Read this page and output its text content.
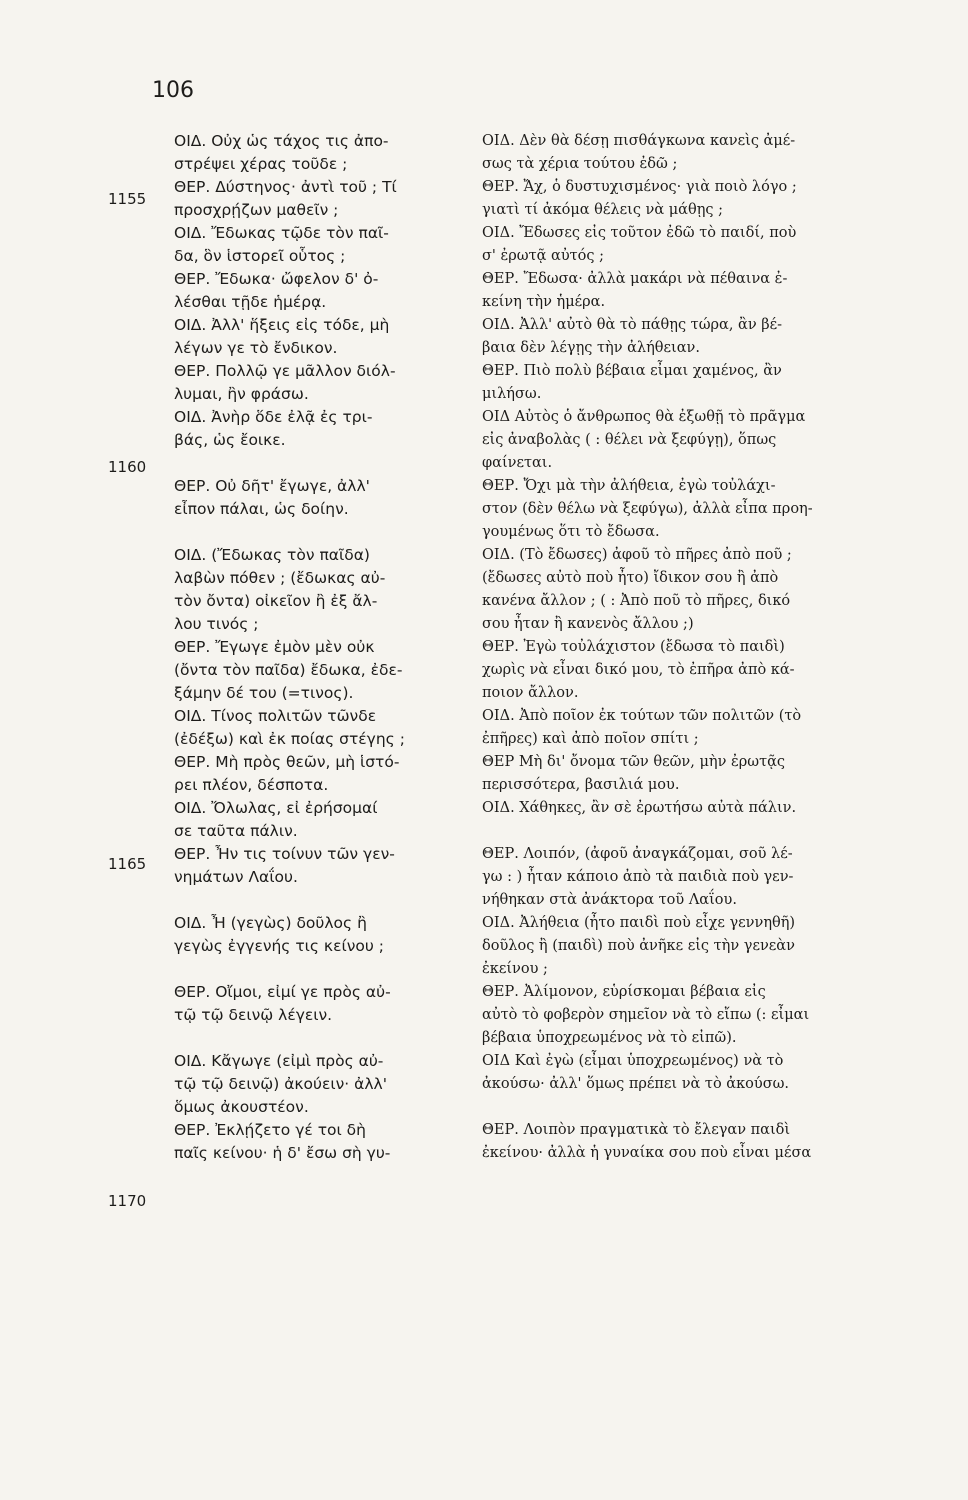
106
1155
1160
1165
1170
ΟΙΔ. Οὐχ ὡς τάχος τις ἀπο-
στρέψει χέρας τοῦδε ;
ΘΕΡ. Δύστηνος· ἀντὶ τοῦ ; Τί
προσχρῄζων μαθεῖν ;
ΟΙΔ. Ἔδωκας τῷδε τὸν παῖ-
δα, ὃν ἱστορεῖ οὗτος ;
ΘΕΡ. Ἔδωκα· ὤφελον δ' ὀ-
λέσθαι τῇδε ἡμέρᾳ.
ΟΙΔ. Ἀλλ' ἥξεις εἰς τόδε, μὴ
λέγων γε τὸ ἔνδικον.
ΘΕΡ. Πολλῷ γε μᾶλλον διόλ-
λυμαι, ἢν φράσω.
ΟΙΔ. Ἀνὴρ ὅδε ἐλᾷ ἐς τρι-
βάς, ὡς ἔοικε.
ΘΕΡ. Οὐ δῆτ' ἔγωγε, ἀλλ'
εἶπον πάλαι, ὡς δοίην.
ΟΙΔ. (Ἔδωκας τὸν παῖδα)
λαβὼν πόθεν ; (ἔδωκας αὐ-
τὸν ὄντα) οἰκεῖον ἢ ἐξ ἄλ-
λου τινός ;
ΘΕΡ. Ἔγωγε ἐμὸν μὲν οὐκ
(ὄντα τὸν παῖδα) ἔδωκα, ἐδε-
ξάμην δέ του (=τινος).
ΟΙΔ. Τίνος πολιτῶν τῶνδε
(ἐδέξω) καὶ ἐκ ποίας στέγης ;
ΘΕΡ. Μὴ πρὸς θεῶν, μὴ ἱστό-
ρει πλέον, δέσποτα.
ΟΙΔ. Ὄλωλας, εἰ ἐρήσομαί
σε ταῦτα πάλιν.
ΘΕΡ. Ἦν τις τοίνυν τῶν γεν-
νημάτων Λαΐου.
ΟΙΔ. Ἦ (γεγὼς) δοῦλος ἢ
γεγὼς ἐγγενής τις κείνου ;
ΘΕΡ. Οἴμοι, εἰμί γε πρὸς αὐ-
τῷ τῷ δεινῷ λέγειν.
ΟΙΔ. Κἄγωγε (εἰμὶ πρὸς αὐ-
τῷ τῷ δεινῷ) ἀκούειν· ἀλλ'
ὅμως ἀκουστέον.
ΘΕΡ. Ἐκλῄζετο γέ τοι δὴ
παῖς κείνου· ἡ δ' ἔσω σὴ γυ-
ΟΙΔ. Δὲν θὰ δέσῃ πισθάγκωνα κανεὶς ἀμέ-
σως τὰ χέρια τούτου ἐδῶ ;
ΘΕΡ. Ἄχ, ὁ δυστυχισμένος· γιὰ ποιὸ λόγο ;
γιατὶ τί ἀκόμα θέλεις νὰ μάθῃς ;
ΟΙΔ. Ἔδωσες εἰς τοῦτον ἐδῶ τὸ παιδί, ποὺ
σ' ἐρωτᾷ αὐτός ;
ΘΕΡ. Ἔδωσα· ἀλλὰ μακάρι νὰ πέθαινα ἐ-
κείνη τὴν ἡμέρα.
ΟΙΔ. Ἀλλ' αὐτὸ θὰ τὸ πάθῃς τώρα, ἂν βέ-
βαια δὲν λέγῃς τὴν ἀλήθειαν.
ΘΕΡ. Πιὸ πολὺ βέβαια εἶμαι χαμένος, ἂν
μιλήσω.
ΟΙΔ Αὐτὸς ὁ ἄνθρωπος θὰ ἐξωθῇ τὸ πρᾶγμα
εἰς ἀναβολὰς ( : θέλει νὰ ξεφύγῃ), ὅπως
φαίνεται.
ΘΕΡ. Ὄχι μὰ τὴν ἀλήθεια, ἐγὼ τοὐλάχι-
στον (δὲν θέλω νὰ ξεφύγω), ἀλλὰ εἶπα προη-
γουμένως ὅτι τὸ ἔδωσα.
ΟΙΔ. (Τὸ ἔδωσες) ἀφοῦ τὸ πῆρες ἀπὸ ποῦ ;
(ἔδωσες αὐτὸ ποὺ ἦτο) ἴδικον σου ἢ ἀπὸ
κανένα ἄλλον ; ( : Ἀπὸ ποῦ τὸ πῆρες, δικό
σου ἦταν ἢ κανενὸς ἄλλου ;)
ΘΕΡ. Ἐγὼ τοὐλάχιστον (ἔδωσα τὸ παιδὶ)
χωρὶς νὰ εἶναι δικό μου, τὸ ἐπῆρα ἀπὸ κά-
ποιον ἄλλον.
ΟΙΔ. Ἀπὸ ποῖον ἐκ τούτων τῶν πολιτῶν (τὸ
ἐπῆρες) καὶ ἀπὸ ποῖον σπίτι ;
ΘΕΡ Μὴ δι' ὄνομα τῶν θεῶν, μὴν ἐρωτᾷς
περισσότερα, βασιλιά μου.
ΟΙΔ. Χάθηκες, ἂν σὲ ἐρωτήσω αὐτὰ πάλιν.
ΘΕΡ. Λοιπόν, (ἀφοῦ ἀναγκάζομαι, σοῦ λέ-
γω : ) ἦταν κάποιο ἀπὸ τὰ παιδιὰ ποὺ γεν-
νήθηκαν στὰ ἀνάκτορα τοῦ Λαΐου.
ΟΙΔ. Ἀλήθεια (ἦτο παιδὶ ποὺ εἶχε γεννηθῆ)
δοῦλος ἢ (παιδὶ) ποὺ ἀνῆκε εἰς τὴν γενεὰν
ἐκείνου ;
ΘΕΡ. Ἀλίμονον, εὑρίσκομαι βέβαια εἰς
αὐτὸ τὸ φοβερὸν σημεῖον νὰ τὸ εἴπω (: εἶμαι
βέβαια ὑποχρεωμένος νὰ τὸ εἰπῶ).
ΟΙΔ Καὶ ἐγὼ (εἶμαι ὑποχρεωμένος) νὰ τὸ
ἀκούσω· ἀλλ' ὅμως πρέπει νὰ τὸ ἀκούσω.
ΘΕΡ. Λοιπὸν πραγματικὰ τὸ ἔλεγαν παιδὶ
ἐκείνου· ἀλλὰ ἡ γυναίκα σου ποὺ εἶναι μέσα
